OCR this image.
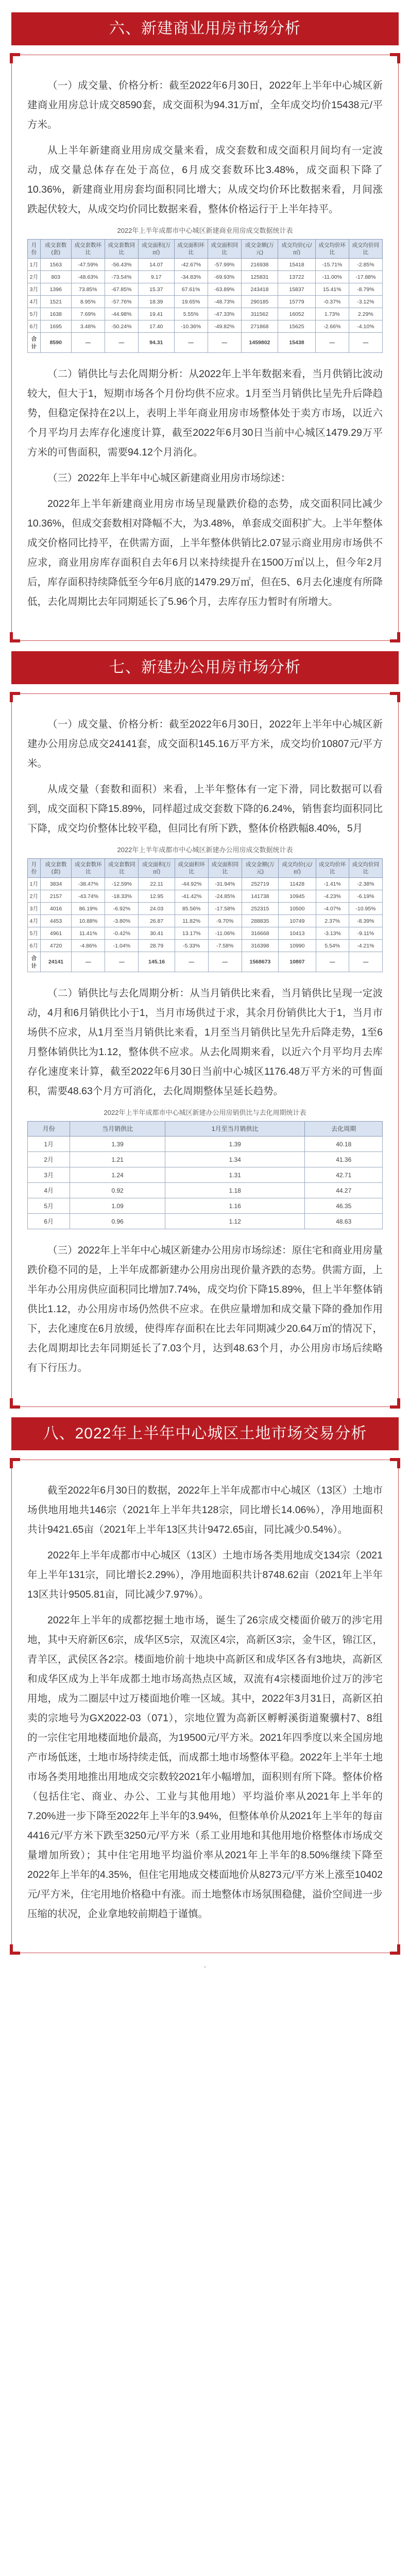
六、新建商业用房市场分析

（一）成交量、价格分析：截至2022年6月30日，2022年上半年中心城区新建商业用房总计成交8590套，成交面积为94.31万㎡，全年成交均价15438元/平方米。

从上半年新建商业用房成交量来看，成交套数和成交面积月间均有一定波动，成交量总体存在处于高位，6月成交套数环比3.48%，成交面积下降了10.36%，新建商业用房套均面积同比增大；从成交均价环比数据来看，月间涨跌起伏较大，从成交均价同比数据来看，整体价格运行于上半年持平。

2022年上半年成都市中心城区新建商业用房成交数据统计表
月份	成交套数(套)	成交套数环比	成交套数同比	成交面积(万㎡)	成交面积环比	成交面积同比	成交金额(万元)	成交均价(元/㎡)	成交均价环比	成交均价同比
1月	1563	-47.59%	-56.43%	14.07	-42.67%	-57.99%	216938	15418	-15.71%	-2.85%
2月	803	-48.63%	-73.54%	9.17	-34.83%	-69.93%	125831	13722	-11.00%	-17.88%
3月	1396	73.85%	-67.85%	15.37	67.61%	-63.89%	243418	15837	15.41%	-8.79%
4月	1521	8.95%	-57.76%	18.39	19.65%	-48.73%	290185	15779	-0.37%	-3.12%
5月	1638	7.69%	-44.98%	19.41	5.55%	-47.33%	311562	16052	1.73%	2.29%
6月	1695	3.48%	-50.24%	17.40	-10.36%	-49.82%	271868	15625	-2.66%	-4.10%
合计	8590	—	—	94.31	—	—	1459802	15438	—	—

（二）销供比与去化周期分析：从2022年上半年数据来看，当月供销比波动较大，但大于1，短期市场各个月份均供不应求。1月至当月销供比呈先升后降趋势，但稳定保持在2以上，表明上半年商业用房市场整体处于卖方市场，以近六个月平均月去库存化速度计算，截至2022年6月30日当前中心城区1479.29万平方米的可售面积，需要94.12个月消化。

（三）2022年上半年中心城区新建商业用房市场综述：

2022年上半年新建商业用房市场呈现量跌价稳的态势，成交面积同比减少10.36%，但成交套数相对降幅不大，为3.48%，单套成交面积扩大。上半年整体成交价格同比持平，在供需方面，上半年整体供销比2.07显示商业用房市场供不应求，商业用房库存面积自去年6月以来持续提升在1500万㎡以上，但今年2月后，库存面积持续降低至今年6月底的1479.29万㎡，但在5、6月去化速度有所降低，去化周期比去年同期延长了5.96个月，去库存压力暂时有所增大。

七、新建办公用房市场分析

（一）成交量、价格分析：截至2022年6月30日，2022年上半年中心城区新建办公用房总成交24141套，成交面积145.16万平方米，成交均价10807元/平方米。

从成交量（套数和面积）来看，上半年整体有一定下滑，同比数据可以看到，成交面积下降15.89%，同样超过成交套数下降的6.24%，销售套均面积同比下降，成交均价整体比较平稳，但同比有所下跌，整体价格跌幅8.40%，5月

2022年上半年成都市中心城区新建办公用房成交数据统计表
月份	成交套数(套)	成交套数环比	成交套数同比	成交面积(万㎡)	成交面积环比	成交面积同比	成交金额(万元)	成交均价(元/㎡)	成交均价环比	成交均价同比
1月	3834	-38.47%	-12.59%	22.11	-44.92%	-31.94%	252719	11428	-1.41%	-2.38%
2月	2157	-43.74%	-18.33%	12.95	-41.42%	-24.85%	141738	10945	-4.23%	-6.19%
3月	4016	86.19%	-6.92%	24.03	85.56%	-17.58%	252315	10500	-4.07%	-10.95%
4月	4453	10.88%	-3.80%	26.87	11.82%	-9.70%	288835	10749	2.37%	-8.39%
5月	4961	11.41%	-0.42%	30.41	13.17%	-11.06%	316668	10413	-3.13%	-9.11%
6月	4720	-4.86%	-1.04%	28.79	-5.33%	-7.58%	316398	10990	5.54%	-4.21%
合计	24141	—	—	145.16	—	—	1568673	10807	—	—

（二）销供比与去化周期分析：从当月销供比来看，当月销供比呈现一定波动，4月和6月销供比小于1，当月市场供过于求，其余月份销供比大于1，当月市场供不应求，从1月至当月销供比来看，1月至当月销供比呈先升后降走势，1至6月整体销供比为1.12，整体供不应求。从去化周期来看，以近六个月平均月去库存化速度来计算，截至2022年6月30日当前中心城区1176.48万平方米的可售面积，需要48.63个月方可消化，去化周期整体呈延长趋势。

2022年上半年成都市中心城区新建办公用房销供比与去化周期统计表
月份	当月销供比	1月至当月销供比	去化周期
1月	1.39	1.39	40.18
2月	1.21	1.34	41.36
3月	1.24	1.31	42.71
4月	0.92	1.18	44.27
5月	1.09	1.16	46.35
6月	0.96	1.12	48.63

（三）2022年上半年中心城区新建办公用房市场综述：原住宅和商业用房量跌价稳不同的是，上半年成都新建办公用房出现价量齐跌的态势。供需方面，上半年办公用房供应面积同比增加7.74%，成交均价下降15.89%，但上半年整体销供比1.12，办公用房市场仍然供不应求。在供应量增加和成交量下降的叠加作用下，去化速度在6月放缓，使得库存面积在比去年同期减少20.64万㎡的情况下，去化周期却比去年同期延长了7.03个月，达到48.63个月，办公用房市场后续略有下行压力。

八、2022年上半年中心城区土地市场交易分析

截至2022年6月30日的数据，2022年上半年成都市中心城区（13区）土地市场供地用地共146宗（2021年上半年共128宗，同比增长14.06%），净用地面积共计9421.65亩（2021年上半年13区共计9472.65亩，同比减少0.54%）。

2022年上半年成都市中心城区（13区）土地市场各类用地成交134宗（2021年上半年131宗，同比增长2.29%），净用地面积共计8748.62亩（2021年上半年13区共计9505.81亩，同比减少7.97%）。

2022年上半年的成都挖掘土地市场，诞生了26宗成交楼面价破万的涉宅用地，其中天府新区6宗，成华区5宗，双流区4宗，高新区3宗，金牛区，锦江区，青羊区，武侯区各2宗。楼面地价前十地块中高新区和成华区各有3地块，高新区和成华区成为上半年成都土地市场高热点区域，双流有4宗楼面地价过万的涉宅用地，成为二圈层中过万楼面地价唯一区域。其中，2022年3月31日，高新区拍卖的宗地号为GX2022-03（071），宗地位置为高新区孵孵溪街道聚骥村7、8组的一宗住宅用地楼面地价最高，为19500元/平方米。2021年四季度以来全国房地产市场低迷，土地市场持续走低，而成都土地市场整体平稳。2022年上半年土地市场各类用地推出用地成交宗数较2021年小幅增加，面积则有所下降。整体价格（包括住宅、商业、办公、工业与其他用地）平均溢价率从2021年上半年的7.20%进一步下降至2022年上半年的3.94%，但整体单价从2021年上半年的每亩4416元/平方米下跌至3250元/平方米（系工业用地和其他用地价格整体市场成交量增加所致）；其中住宅用地平均溢价率从2021年上半年的8.50%继续下降至2022年上半年的4.35%，但住宅用地成交楼面地价从8273元/平方米上涨至10402元/平方米，住宅用地价格稳中有涨。而土地整体市场氛围稳健，溢价空间进一步压缩的状况，企业拿地较前期趋于谨慎。

•
